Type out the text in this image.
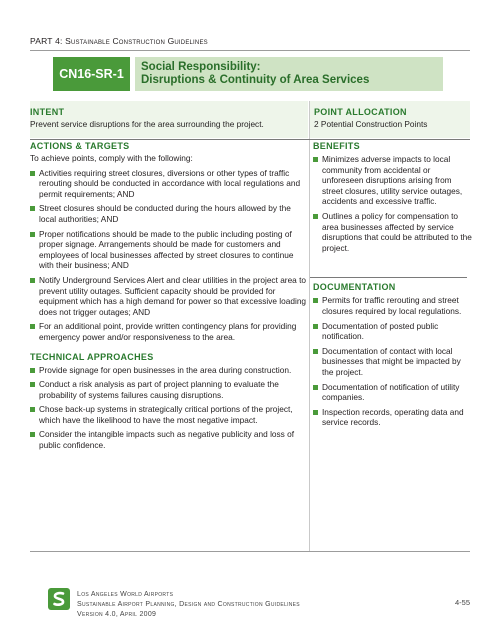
PART 4: Sustainable Construction Guidelines
CN16-SR-1	Social Responsibility:
Disruptions & Continuity of Area Services
INTENT
Prevent service disruptions for the area surrounding the project.
POINT ALLOCATION
2 Potential Construction Points
ACTIONS & TARGETS
To achieve points, comply with the following:
Activities requiring street closures, diversions or other types of traffic rerouting should be conducted in accordance with local regulations and permit requirements; AND
Street closures should be conducted during the hours allowed by the local authorities; AND
Proper notifications should be made to the public including posting of proper signage. Arrangements should be made for customers and employees of local businesses affected by street closures to continue with their business; AND
Notify Underground Services Alert and clear utilities in the project area to prevent utility outages. Sufficient capacity should be provided for equipment which has a high demand for power so that excessive loading does not trigger outages; AND
For an additional point, provide written contingency plans for providing emergency power and/or responsiveness to the area.
TECHNICAL APPROACHES
Provide signage for open businesses in the area during construction.
Conduct a risk analysis as part of project planning to evaluate the probability of systems failures causing disruptions.
Chose back-up systems in strategically critical portions of the project, which have the likelihood to have the most negative impact.
Consider the intangible impacts such as negative publicity and loss of public confidence.
BENEFITS
Minimizes adverse impacts to local community from accidental or unforeseen disruptions arising from street closures, utility service outages, accidents and excessive traffic.
Outlines a policy for compensation to area businesses affected by service disruptions that could be attributed to the project.
DOCUMENTATION
Permits for traffic rerouting and street closures required by local regulations.
Documentation of posted public notification.
Documentation of contact with local businesses that might be impacted by the project.
Documentation of notification of utility companies.
Inspection records, operating data and service records.
Los Angeles World Airports
Sustainable Airport Planning, Design and Construction Guidelines
Version 4.0, April 2009
4-55
